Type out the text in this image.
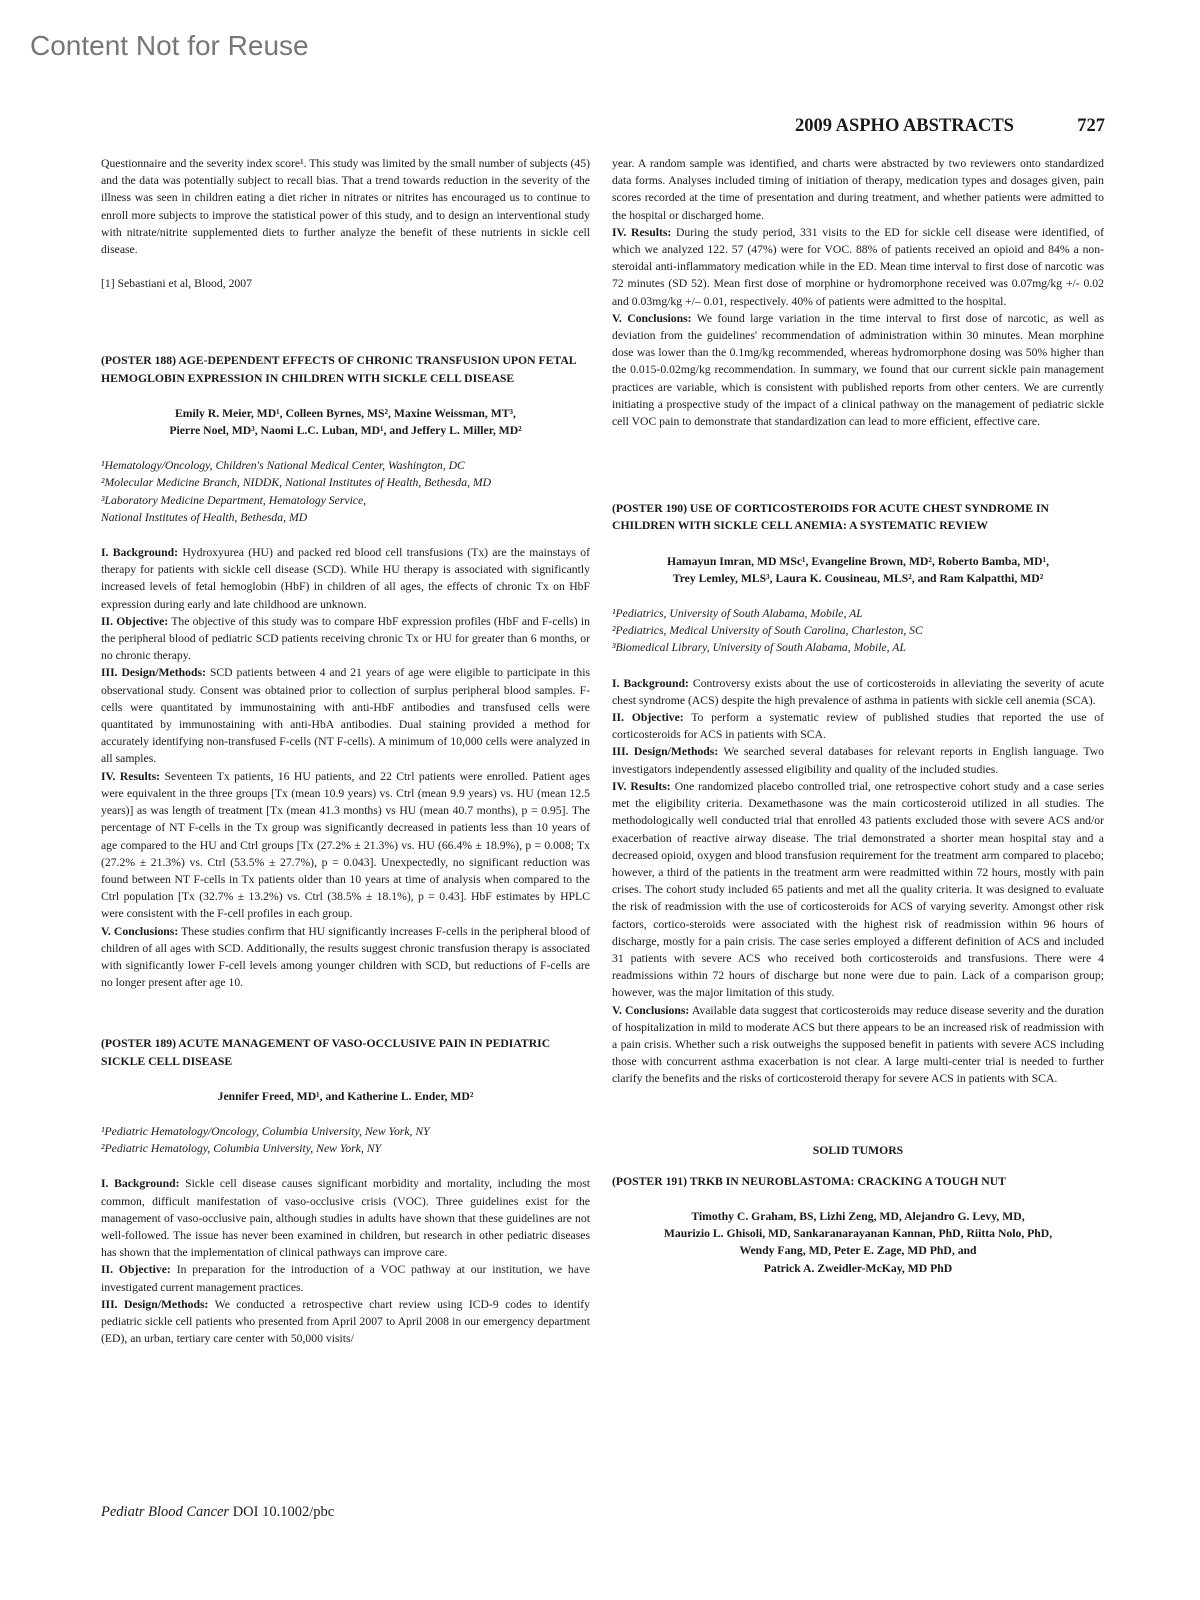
Content Not for Reuse
2009 ASPHO ABSTRACTS	727

Questionnaire and the severity index score¹. This study was limited by the small number of subjects (45) and the data was potentially subject to recall bias. That a trend towards reduction in the severity of the illness was seen in children eating a diet richer in nitrates or nitrites has encouraged us to continue to enroll more subjects to improve the statistical power of this study, and to design an interventional study with nitrate/nitrite supplemented diets to further analyze the benefit of these nutrients in sickle cell disease.

[1] Sebastiani et al, Blood, 2007

(POSTER 188) AGE-DEPENDENT EFFECTS OF CHRONIC TRANSFUSION UPON FETAL HEMOGLOBIN EXPRESSION IN CHILDREN WITH SICKLE CELL DISEASE

Emily R. Meier, MD¹, Colleen Byrnes, MS², Maxine Weissman, MT³,

Pierre Noel, MD³, Naomi L.C. Luban, MD¹, and Jeffery L. Miller, MD²

¹Hematology/Oncology, Children's National Medical Center, Washington, DC

²Molecular Medicine Branch, NIDDK, National Institutes of Health, Bethesda, MD

³Laboratory Medicine Department, Hematology Service,

National Institutes of Health, Bethesda, MD

I. Background: Hydroxyurea (HU) and packed red blood cell transfusions (Tx) are the mainstays of therapy for patients with sickle cell disease (SCD). While HU therapy is associated with significantly increased levels of fetal hemoglobin (HbF) in children of all ages, the effects of chronic Tx on HbF expression during early and late childhood are unknown.

II. Objective: The objective of this study was to compare HbF expression profiles (HbF and F-cells) in the peripheral blood of pediatric SCD patients receiving chronic Tx or HU for greater than 6 months, or no chronic therapy.

III. Design/Methods: SCD patients between 4 and 21 years of age were eligible to participate in this observational study. Consent was obtained prior to collection of surplus peripheral blood samples. F-cells were quantitated by immunostaining with anti-HbF antibodies and transfused cells were quantitated by immunostaining with anti-HbA antibodies. Dual staining provided a method for accurately identifying non-transfused F-cells (NT F-cells). A minimum of 10,000 cells were analyzed in all samples.

IV. Results: Seventeen Tx patients, 16 HU patients, and 22 Ctrl patients were enrolled. Patient ages were equivalent in the three groups [Tx (mean 10.9 years) vs. Ctrl (mean 9.9 years) vs. HU (mean 12.5 years)] as was length of treatment [Tx (mean 41.3 months) vs HU (mean 40.7 months), p = 0.95]. The percentage of NT F-cells in the Tx group was significantly decreased in patients less than 10 years of age compared to the HU and Ctrl groups [Tx (27.2% ± 21.3%) vs. HU (66.4% ± 18.9%), p = 0.008; Tx (27.2% ± 21.3%) vs. Ctrl (53.5% ± 27.7%), p = 0.043]. Unexpectedly, no significant reduction was found between NT F-cells in Tx patients older than 10 years at time of analysis when compared to the Ctrl population [Tx (32.7% ± 13.2%) vs. Ctrl (38.5% ± 18.1%), p = 0.43]. HbF estimates by HPLC were consistent with the F-cell profiles in each group.

V. Conclusions: These studies confirm that HU significantly increases F-cells in the peripheral blood of children of all ages with SCD. Additionally, the results suggest chronic transfusion therapy is associated with significantly lower F-cell levels among younger children with SCD, but reductions of F-cells are no longer present after age 10.

(POSTER 189) ACUTE MANAGEMENT OF VASO-OCCLUSIVE PAIN IN PEDIATRIC SICKLE CELL DISEASE

Jennifer Freed, MD¹, and Katherine L. Ender, MD²

¹Pediatric Hematology/Oncology, Columbia University, New York, NY

²Pediatric Hematology, Columbia University, New York, NY

I. Background: Sickle cell disease causes significant morbidity and mortality, including the most common, difficult manifestation of vaso-occlusive crisis (VOC). Three guidelines exist for the management of vaso-occlusive pain, although studies in adults have shown that these guidelines are not well-followed. The issue has never been examined in children, but research in other pediatric diseases has shown that the implementation of clinical pathways can improve care.

II. Objective: In preparation for the introduction of a VOC pathway at our institution, we have investigated current management practices.

III. Design/Methods: We conducted a retrospective chart review using ICD-9 codes to identify pediatric sickle cell patients who presented from April 2007 to April 2008 in our emergency department (ED), an urban, tertiary care center with 50,000 visits/

year. A random sample was identified, and charts were abstracted by two reviewers onto standardized data forms. Analyses included timing of initiation of therapy, medication types and dosages given, pain scores recorded at the time of presentation and during treatment, and whether patients were admitted to the hospital or discharged home.

IV. Results: During the study period, 331 visits to the ED for sickle cell disease were identified, of which we analyzed 122. 57 (47%) were for VOC. 88% of patients received an opioid and 84% a non-steroidal anti-inflammatory medication while in the ED. Mean time interval to first dose of narcotic was 72 minutes (SD 52). Mean first dose of morphine or hydromorphone received was 0.07mg/kg +/- 0.02 and 0.03mg/kg +/– 0.01, respectively. 40% of patients were admitted to the hospital.

V. Conclusions: We found large variation in the time interval to first dose of narcotic, as well as deviation from the guidelines' recommendation of administration within 30 minutes. Mean morphine dose was lower than the 0.1mg/kg recommended, whereas hydromorphone dosing was 50% higher than the 0.015-0.02mg/kg recommendation. In summary, we found that our current sickle pain management practices are variable, which is consistent with published reports from other centers. We are currently initiating a prospective study of the impact of a clinical pathway on the management of pediatric sickle cell VOC pain to demonstrate that standardization can lead to more efficient, effective care.

(POSTER 190) USE OF CORTICOSTEROIDS FOR ACUTE CHEST SYNDROME IN CHILDREN WITH SICKLE CELL ANEMIA: A SYSTEMATIC REVIEW

Hamayun Imran, MD MSc¹, Evangeline Brown, MD², Roberto Bamba, MD¹,

Trey Lemley, MLS³, Laura K. Cousineau, MLS², and Ram Kalpatthi, MD²

¹Pediatrics, University of South Alabama, Mobile, AL

²Pediatrics, Medical University of South Carolina, Charleston, SC

³Biomedical Library, University of South Alabama, Mobile, AL

I. Background: Controversy exists about the use of corticosteroids in alleviating the severity of acute chest syndrome (ACS) despite the high prevalence of asthma in patients with sickle cell anemia (SCA).

II. Objective: To perform a systematic review of published studies that reported the use of corticosteroids for ACS in patients with SCA.

III. Design/Methods: We searched several databases for relevant reports in English language. Two investigators independently assessed eligibility and quality of the included studies.

IV. Results: One randomized placebo controlled trial, one retrospective cohort study and a case series met the eligibility criteria. Dexamethasone was the main corticosteroid utilized in all studies. The methodologically well conducted trial that enrolled 43 patients excluded those with severe ACS and/or exacerbation of reactive airway disease. The trial demonstrated a shorter mean hospital stay and a decreased opioid, oxygen and blood transfusion requirement for the treatment arm compared to placebo; however, a third of the patients in the treatment arm were readmitted within 72 hours, mostly with pain crises. The cohort study included 65 patients and met all the quality criteria. It was designed to evaluate the risk of readmission with the use of corticosteroids for ACS of varying severity. Amongst other risk factors, cortico-steroids were associated with the highest risk of readmission within 96 hours of discharge, mostly for a pain crisis. The case series employed a different definition of ACS and included 31 patients with severe ACS who received both corticosteroids and transfusions. There were 4 readmissions within 72 hours of discharge but none were due to pain. Lack of a comparison group; however, was the major limitation of this study.

V. Conclusions: Available data suggest that corticosteroids may reduce disease severity and the duration of hospitalization in mild to moderate ACS but there appears to be an increased risk of readmission with a pain crisis. Whether such a risk outweighs the supposed benefit in patients with severe ACS including those with concurrent asthma exacerbation is not clear. A large multi-center trial is needed to further clarify the benefits and the risks of corticosteroid therapy for severe ACS in patients with SCA.

SOLID TUMORS

(POSTER 191) TRKB IN NEUROBLASTOMA: CRACKING A TOUGH NUT

Timothy C. Graham, BS, Lizhi Zeng, MD, Alejandro G. Levy, MD,

Maurizio L. Ghisoli, MD, Sankaranarayanan Kannan, PhD, Riitta Nolo, PhD,

Wendy Fang, MD, Peter E. Zage, MD PhD, and

Patrick A. Zweidler-McKay, MD PhD

Pediatr Blood Cancer DOI 10.1002/pbc
